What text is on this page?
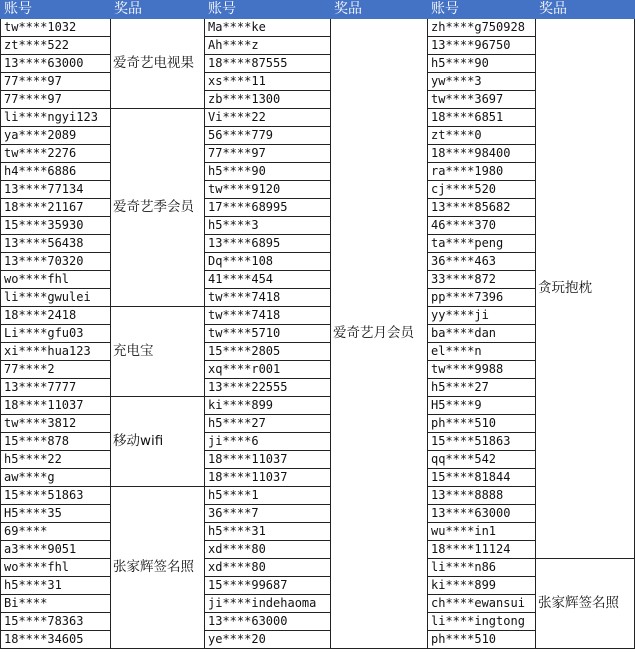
账号	奖品	账号	奖品	账号	奖品
tw****1032	爱奇艺电视果	Ma****ke	爱奇艺月会员	zh****g750928	贪玩抱枕
zt****522		Ah****z		13****96750	
13****63000		18****87555		h5****90	
77****97		xs****11		yw****3	
77****97		zb****1300		tw****3697	
li****ngyi123	爱奇艺季会员	Vi****22		18****6851	
ya****2089		56****779		zt****0	
tw****2276		77****97		18****98400	
h4****6886		h5****90		ra****1980	
13****77134		tw****9120		cj****520	
18****21167		17****68995		13****85682	
15****35930		h5****3		46****370	
13****56438		13****6895		ta****peng	
13****70320		Dq****108		36****463	
wo****fhl		41****454		33****872	
li****gwulei		tw****7418		pp****7396	
18****2418	充电宝	tw****7418		yy****ji	
Li****gfu03		tw****5710		ba****dan	
xi****hua123		15****2805		el****n	
77****2		xq****r001		tw****9988	
13****7777		13****22555		h5****27	
18****11037	移动wifi	ki****899		H5****9	
tw****3812		h5****27		ph****510	
15****878		ji****6		15****51863	
h5****22		18****11037		qq****542	
aw****g		18****11037		15****81844	
15****51863	张家辉签名照	h5****1		13****8888	
H5****35		36****7		13****63000	
69****		h5****31		wu****in1	
a3****9051		xd****80		18****11124	
wo****fhl		xd****80		li****n86	张家辉签名照
h5****31		15****99687		ki****899	
Bi****		ji****indehaoma		ch****ewansui	
15****78363		13****63000		li****ingtong	
18****34605		ye****20		ph****510	
